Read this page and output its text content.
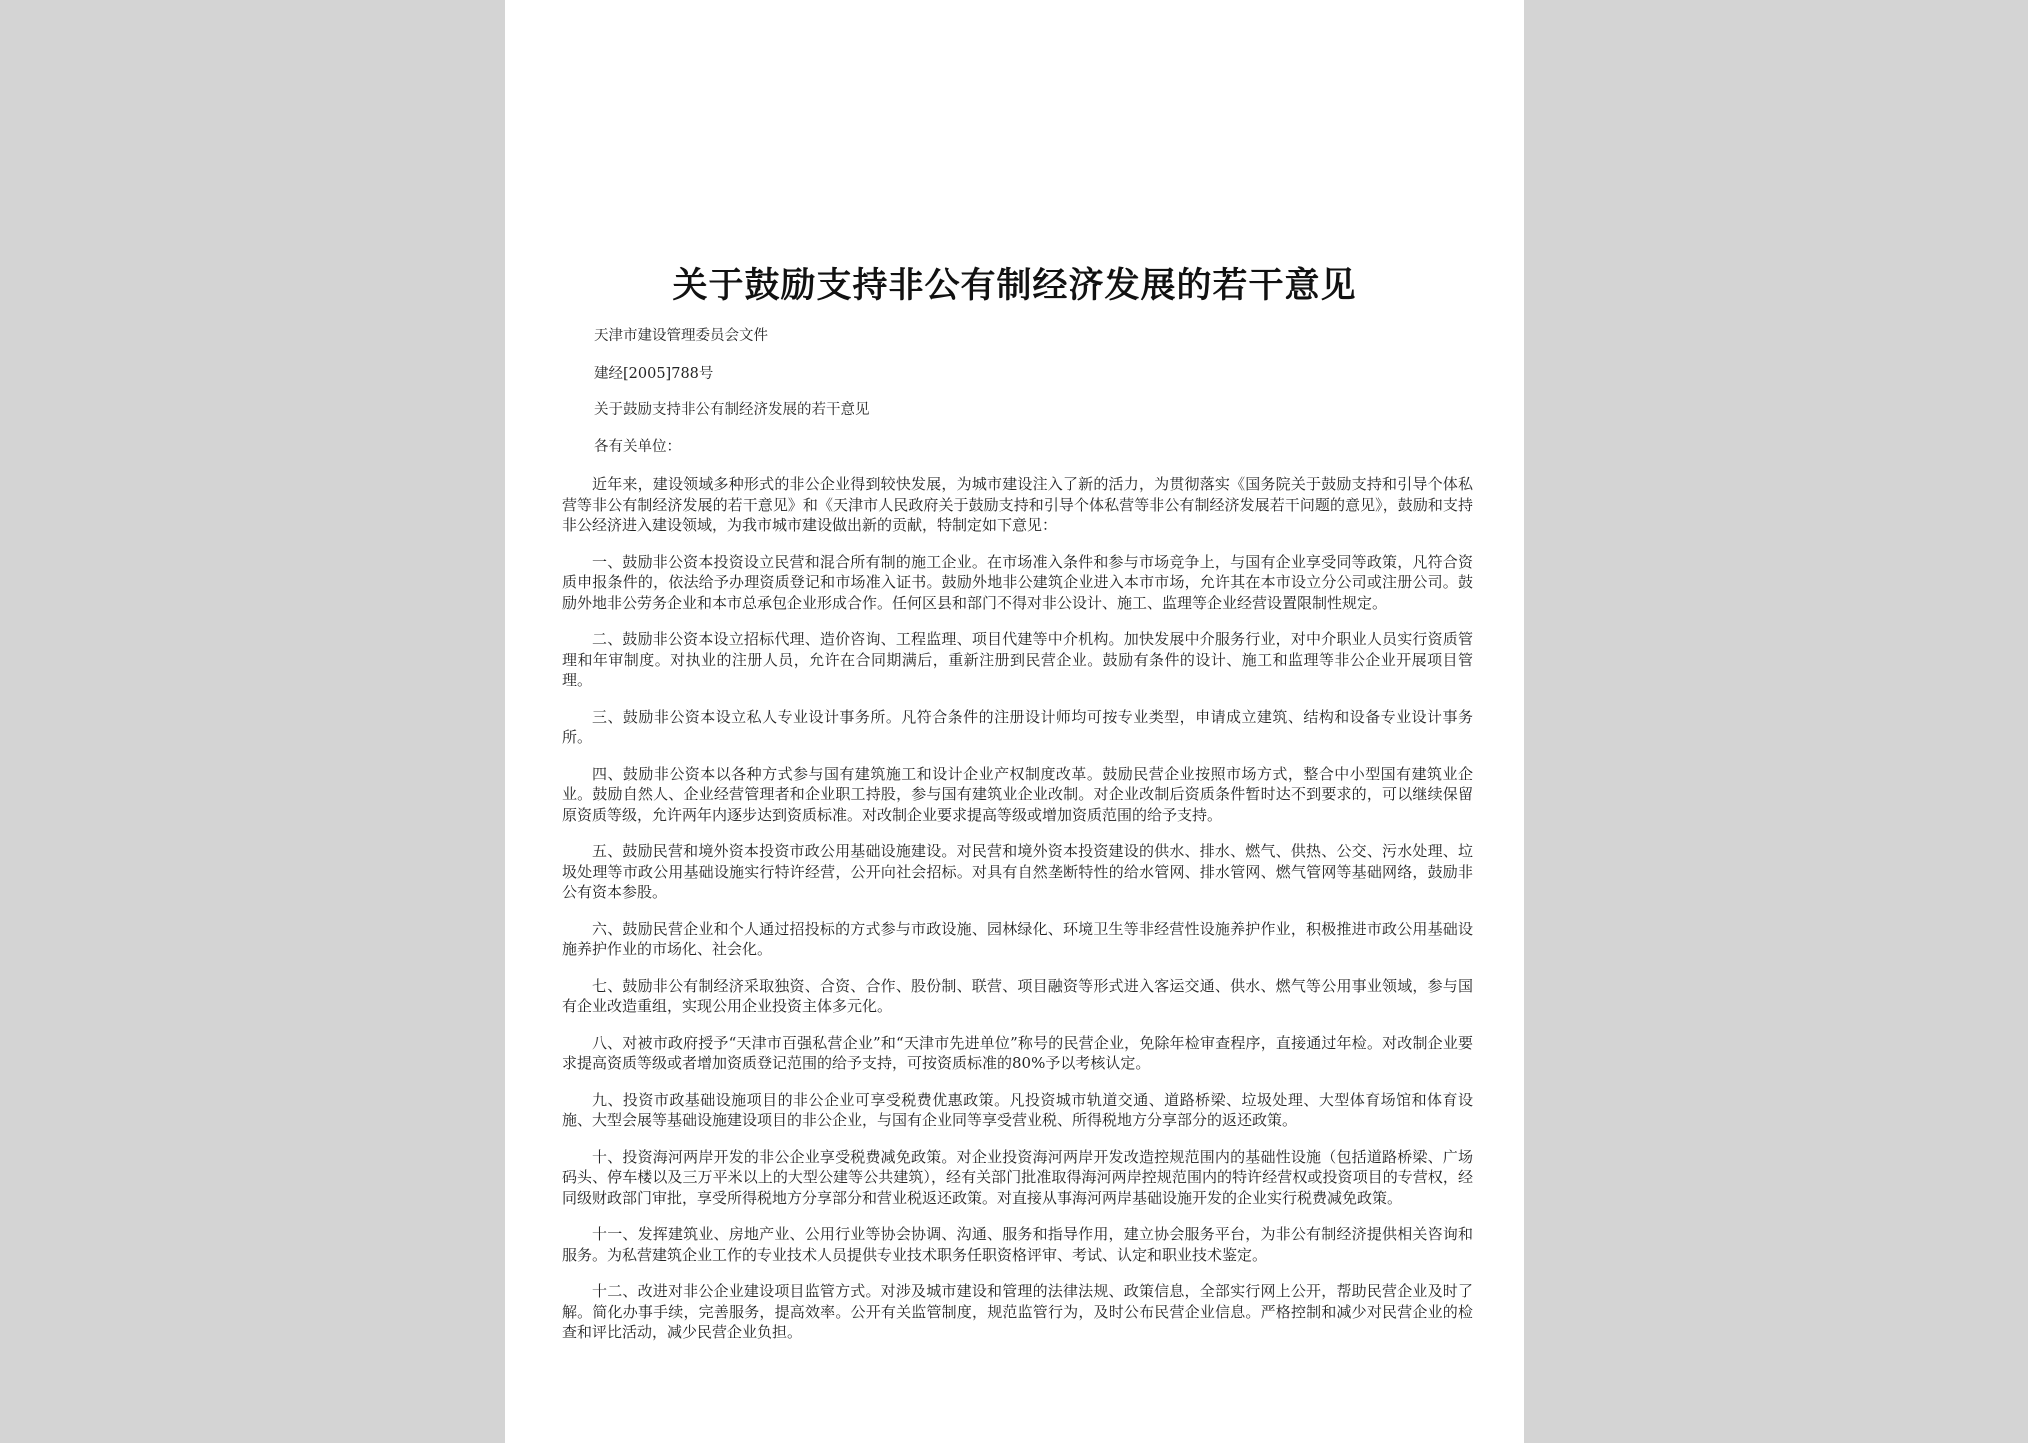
关于鼓励支持非公有制经济发展的若干意见
天津市建设管理委员会文件
建经[2005]788号
关于鼓励支持非公有制经济发展的若干意见
各有关单位：

近年来，建设领域多种形式的非公企业得到较快发展，为城市建设注入了新的活力，为贯彻落实《国务院关于鼓励支持和引导个体私营等非公有制经济发展的若干意见》和《天津市人民政府关于鼓励支持和引导个体私营等非公有制经济发展若干问题的意见》，鼓励和支持非公经济进入建设领域，为我市城市建设做出新的贡献，特制定如下意见：

一、鼓励非公资本投资设立民营和混合所有制的施工企业。在市场准入条件和参与市场竞争上，与国有企业享受同等政策，凡符合资质申报条件的，依法给予办理资质登记和市场准入证书。鼓励外地非公建筑企业进入本市市场，允许其在本市设立分公司或注册公司。鼓励外地非公劳务企业和本市总承包企业形成合作。任何区县和部门不得对非公设计、施工、监理等企业经营设置限制性规定。

二、鼓励非公资本设立招标代理、造价咨询、工程监理、项目代建等中介机构。加快发展中介服务行业，对中介职业人员实行资质管理和年审制度。对执业的注册人员，允许在合同期满后，重新注册到民营企业。鼓励有条件的设计、施工和监理等非公企业开展项目管理。

三、鼓励非公资本设立私人专业设计事务所。凡符合条件的注册设计师均可按专业类型，申请成立建筑、结构和设备专业设计事务所。

四、鼓励非公资本以各种方式参与国有建筑施工和设计企业产权制度改革。鼓励民营企业按照市场方式，整合中小型国有建筑业企业。鼓励自然人、企业经营管理者和企业职工持股，参与国有建筑业企业改制。对企业改制后资质条件暂时达不到要求的，可以继续保留原资质等级，允许两年内逐步达到资质标准。对改制企业要求提高等级或增加资质范围的给予支持。

五、鼓励民营和境外资本投资市政公用基础设施建设。对民营和境外资本投资建设的供水、排水、燃气、供热、公交、污水处理、垃圾处理等市政公用基础设施实行特许经营，公开向社会招标。对具有自然垄断特性的给水管网、排水管网、燃气管网等基础网络，鼓励非公有资本参股。

六、鼓励民营企业和个人通过招投标的方式参与市政设施、园林绿化、环境卫生等非经营性设施养护作业，积极推进市政公用基础设施养护作业的市场化、社会化。

七、鼓励非公有制经济采取独资、合资、合作、股份制、联营、项目融资等形式进入客运交通、供水、燃气等公用事业领域，参与国有企业改造重组，实现公用企业投资主体多元化。

八、对被市政府授予“天津市百强私营企业”和“天津市先进单位”称号的民营企业，免除年检审查程序，直接通过年检。对改制企业要求提高资质等级或者增加资质登记范围的给予支持，可按资质标准的80%予以考核认定。

九、投资市政基础设施项目的非公企业可享受税费优惠政策。凡投资城市轨道交通、道路桥梁、垃圾处理、大型体育场馆和体育设施、大型会展等基础设施建设项目的非公企业，与国有企业同等享受营业税、所得税地方分享部分的返还政策。

十、投资海河两岸开发的非公企业享受税费减免政策。对企业投资海河两岸开发改造控规范围内的基础性设施（包括道路桥梁、广场码头、停车楼以及三万平米以上的大型公建等公共建筑），经有关部门批准取得海河两岸控规范围内的特许经营权或投资项目的专营权，经同级财政部门审批，享受所得税地方分享部分和营业税返还政策。对直接从事海河两岸基础设施开发的企业实行税费减免政策。

十一、发挥建筑业、房地产业、公用行业等协会协调、沟通、服务和指导作用，建立协会服务平台，为非公有制经济提供相关咨询和服务。为私营建筑企业工作的专业技术人员提供专业技术职务任职资格评审、考试、认定和职业技术鉴定。

十二、改进对非公企业建设项目监管方式。对涉及城市建设和管理的法律法规、政策信息，全部实行网上公开，帮助民营企业及时了解。简化办事手续，完善服务，提高效率。公开有关监管制度，规范监管行为，及时公布民营企业信息。严格控制和减少对民营企业的检查和评比活动，减少民营企业负担。
